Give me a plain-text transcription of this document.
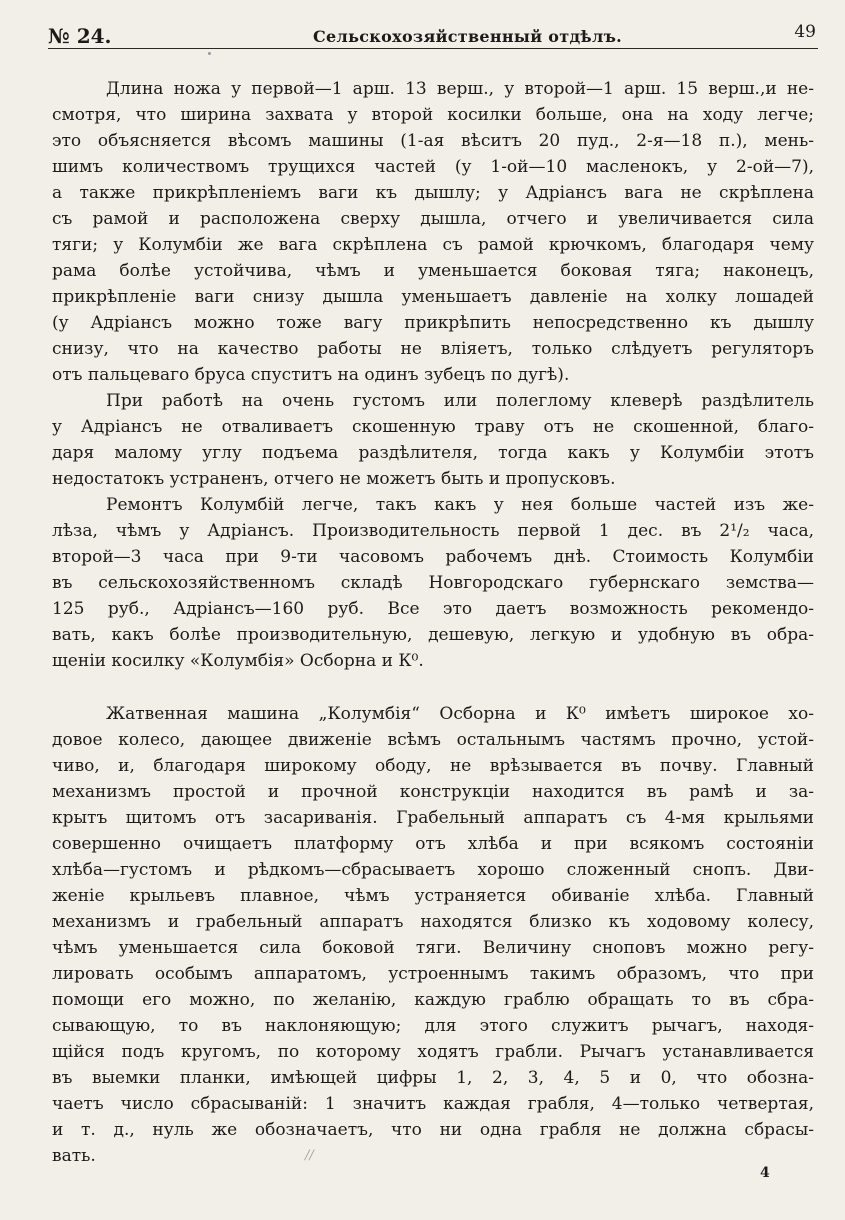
№ 24.	Сельскохозяйственный отдѣлъ.	49
Длина ножа у первой—1 арш. 13 верш., у второй—1 арш. 15 верш.,и не-
смотря, что ширина захвата у второй косилки больше, она на ходу легче;
это объясняется вѣсомъ машины (1-ая вѣситъ 20 пуд., 2-я—18 п.), мень-
шимъ количествомъ трущихся частей (у 1-ой—10 масленокъ, у 2-ой—7),
а также прикрѣпленіемъ ваги къ дышлу; у Адріансъ вага не скрѣплена
съ рамой и расположена сверху дышла, отчего и увеличивается сила
тяги; у Колумбіи же вага скрѣплена съ рамой крючкомъ, благодаря чему
рама болѣе устойчива, чѣмъ и уменьшается боковая тяга; наконецъ,
прикрѣпленіе ваги снизу дышла уменьшаетъ давленіе на холку лошадей
(у Адріансъ можно тоже вагу прикрѣпить непосредственно къ дышлу
снизу, что на качество работы не вліяетъ, только слѣдуетъ регуляторъ
отъ пальцеваго бруса спуститъ на одинъ зубецъ по дугѣ).
При работѣ на очень густомъ или полеглому клеверѣ раздѣлитель
у Адріансъ не отваливаетъ скошенную траву отъ не скошенной, благо-
даря малому углу подъема раздѣлителя, тогда какъ у Колумбіи этотъ
недостатокъ устраненъ, отчего не можетъ быть и пропусковъ.
Ремонтъ Колумбій легче, такъ какъ у нея больше частей изъ же-
лѣза, чѣмъ у Адріансъ. Производительность первой 1 дес. въ 2¹/₂ часа,
второй—3 часа при 9-ти часовомъ рабочемъ днѣ. Стоимость Колумбіи
въ сельскохозяйственномъ складѣ Новгородскаго губернскаго земства—
125 руб., Адріансъ—160 руб. Все это даетъ возможность рекомендо-
вать, какъ болѣе производительную, дешевую, легкую и удобную въ обра-
щеніи косилку «Колумбія» Осборна и К⁰.
Жатвенная машина „Колумбія“ Осборна и К⁰ имѣетъ широкое хо-
довое колесо, дающее движеніе всѣмъ остальнымъ частямъ прочно, устой-
чиво, и, благодаря широкому ободу, не врѣзывается въ почву. Главный
механизмъ простой и прочной конструкціи находится въ рамѣ и за-
крытъ щитомъ отъ засариванія. Грабельный аппаратъ съ 4-мя крыльями
совершенно очищаетъ платформу отъ хлѣба и при всякомъ состояніи
хлѣба—густомъ и рѣдкомъ—сбрасываетъ хорошо сложенный снопъ. Дви-
женіе крыльевъ плавное, чѣмъ устраняется обиваніе хлѣба. Главный
механизмъ и грабельный аппаратъ находятся близко къ ходовому колесу,
чѣмъ уменьшается сила боковой тяги. Величину сноповъ можно регу-
лировать особымъ аппаратомъ, устроеннымъ такимъ образомъ, что при
помощи его можно, по желанію, каждую граблю обращать то въ сбра-
сывающую, то въ наклоняющую; для этого служитъ рычагъ, находя-
щійся подъ кругомъ, по которому ходятъ грабли. Рычагъ устанавливается
въ выемки планки, имѣющей цифры 1, 2, 3, 4, 5 и 0, что обозна-
чаетъ число сбрасываній: 1 значитъ каждая грабля, 4—только четвертая,
и т. д., нуль же обозначаетъ, что ни одна грабля не должна сбрасы-
вать.	//
4
